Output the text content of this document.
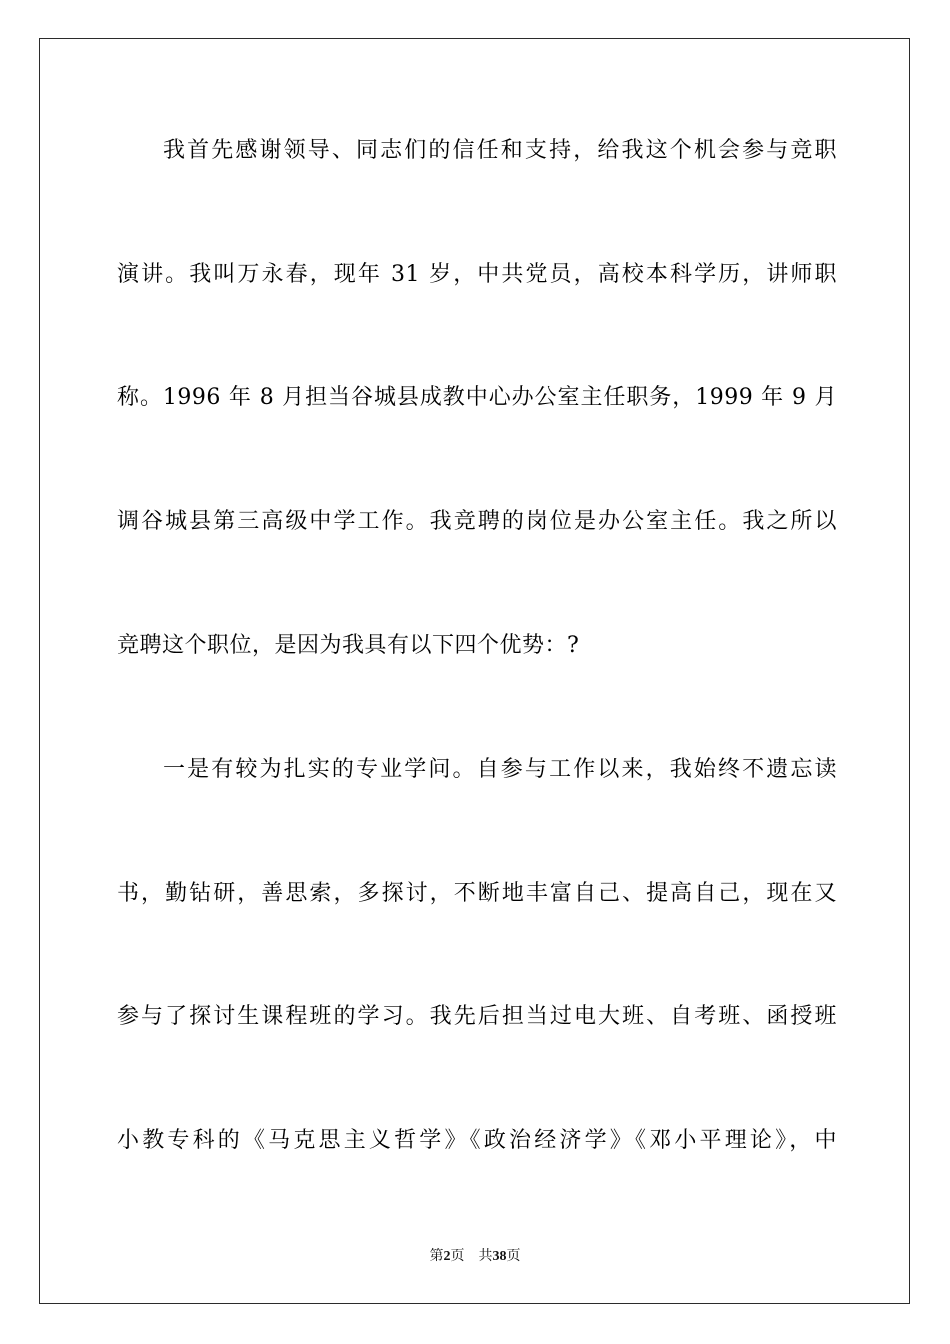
我首先感谢领导、同志们的信任和支持，给我这个机会参与竞职
演讲。我叫万永春，现年 31 岁，中共党员，高校本科学历，讲师职
称。1996 年 8 月担当谷城县成教中心办公室主任职务，1999 年 9 月
调谷城县第三高级中学工作。我竞聘的岗位是办公室主任。我之所以
竞聘这个职位，是因为我具有以下四个优势：?
一是有较为扎实的专业学问。自参与工作以来，我始终不遗忘读
书，勤钻研，善思索，多探讨，不断地丰富自己、提高自己，现在又
参与了探讨生课程班的学习。我先后担当过电大班、自考班、函授班
小教专科的《马克思主义哲学》《政治经济学》《邓小平理论》，中
第2页 共38页
